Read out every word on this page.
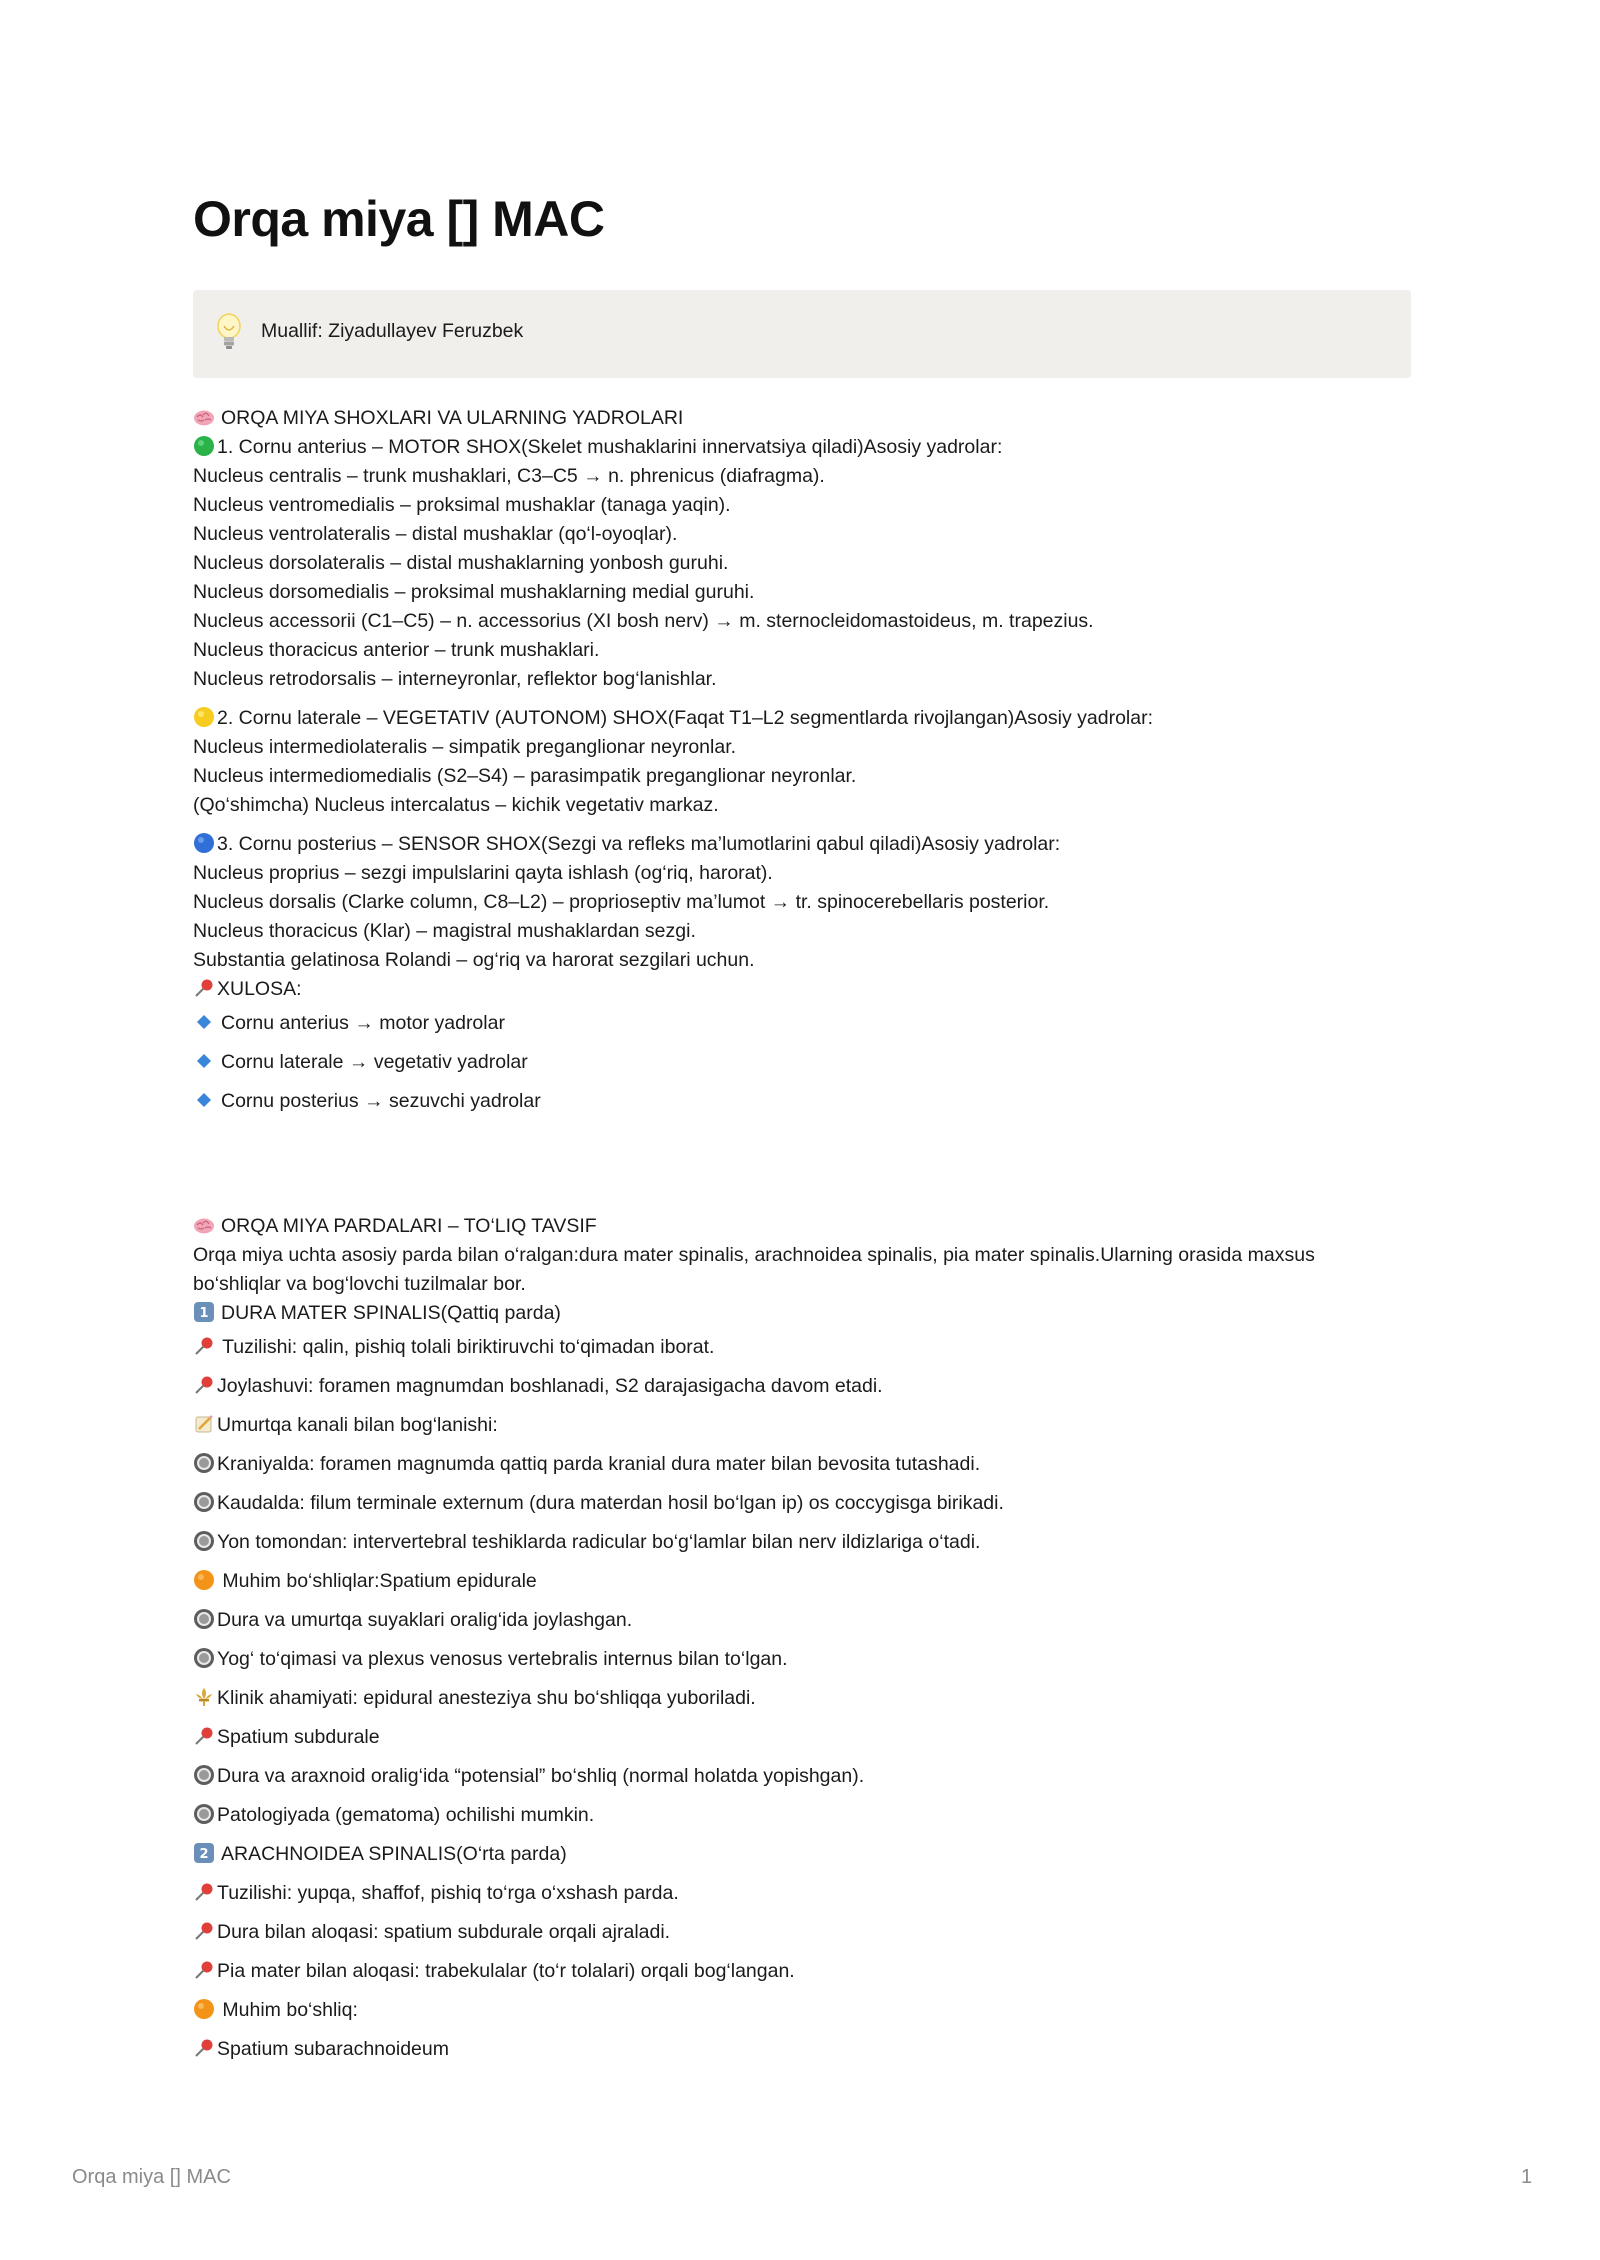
Orqa miya [] MAC
Muallif: Ziyadullayev Feruzbek
ORQA MIYA SHOXLARI VA ULARNING YADROLARI
1. Cornu anterius – MOTOR SHOX(Skelet mushaklarini innervatsiya qiladi)Asosiy yadrolar:
Nucleus centralis – trunk mushaklari, C3–C5 → n. phrenicus (diafragma).
Nucleus ventromedialis – proksimal mushaklar (tanaga yaqin).
Nucleus ventrolateralis – distal mushaklar (qo‘l-oyoqlar).
Nucleus dorsolateralis – distal mushaklarning yonbosh guruhi.
Nucleus dorsomedialis – proksimal mushaklarning medial guruhi.
Nucleus accessorii (C1–C5) – n. accessorius (XI bosh nerv) → m. sternocleidomastoideus, m. trapezius.
Nucleus thoracicus anterior – trunk mushaklari.
Nucleus retrodorsalis – interneyronlar, reflektor bog‘lanishlar.
2. Cornu laterale – VEGETATIV (AUTONOM) SHOX(Faqat T1–L2 segmentlarda rivojlangan)Asosiy yadrolar:
Nucleus intermediolateralis – simpatik preganglionar neyronlar.
Nucleus intermediomedialis (S2–S4) – parasimpatik preganglionar neyronlar.
(Qo‘shimcha) Nucleus intercalatus – kichik vegetativ markaz.
3. Cornu posterius – SENSOR SHOX(Sezgi va refleks ma’lumotlarini qabul qiladi)Asosiy yadrolar:
Nucleus proprius – sezgi impulslarini qayta ishlash (og‘riq, harorat).
Nucleus dorsalis (Clarke column, C8–L2) – proprioseptiv ma’lumot → tr. spinocerebellaris posterior.
Nucleus thoracicus (Klar) – magistral mushaklardan sezgi.
Substantia gelatinosa Rolandi – og‘riq va harorat sezgilari uchun.
XULOSA:
Cornu anterius → motor yadrolar
Cornu laterale → vegetativ yadrolar
Cornu posterius → sezuvchi yadrolar
ORQA MIYA PARDALARI – TO‘LIQ TAVSIF
Orqa miya uchta asosiy parda bilan o‘ralgan:dura mater spinalis, arachnoidea spinalis, pia mater spinalis.Ularning orasida maxsus
bo‘shliqlar va bog‘lovchi tuzilmalar bor.
1 DURA MATER SPINALIS(Qattiq parda)
Tuzilishi: qalin, pishiq tolali biriktiruvchi to‘qimadan iborat.
Joylashuvi: foramen magnumdan boshlanadi, S2 darajasigacha davom etadi.
Umurtqa kanali bilan bog‘lanishi:
Kraniyaldа: foramen magnumda qattiq parda kranial dura mater bilan bevosita tutashadi.
Kaudalda: filum terminale externum (dura materdan hosil bo‘lgan ip) os coccygisga birikadi.
Yon tomondan: intervertebral teshiklarda radicular bo‘g‘lamlar bilan nerv ildizlariga o‘tadi.
Muhim bo‘shliqlar:Spatium epidurale
Dura va umurtqa suyaklari oralig‘ida joylashgan.
Yog‘ to‘qimasi va plexus venosus vertebralis internus bilan to‘lgan.
Klinik ahamiyati: epidural anesteziya shu bo‘shliqqa yuboriladi.
Spatium subdurale
Dura va araxnoid oralig‘ida “potensial” bo‘shliq (normal holatda yopishgan).
Patologiyada (gematoma) ochilishi mumkin.
2 ARACHNOIDEA SPINALIS(O‘rta parda)
Tuzilishi: yupqa, shaffof, pishiq to‘rga o‘xshash parda.
Dura bilan aloqasi: spatium subdurale orqali ajraladi.
Pia mater bilan aloqasi: trabekulalar (to‘r tolalari) orqali bog‘langan.
Muhim bo‘shliq:
Spatium subarachnoideum
Orqa miya [] MAC	1
